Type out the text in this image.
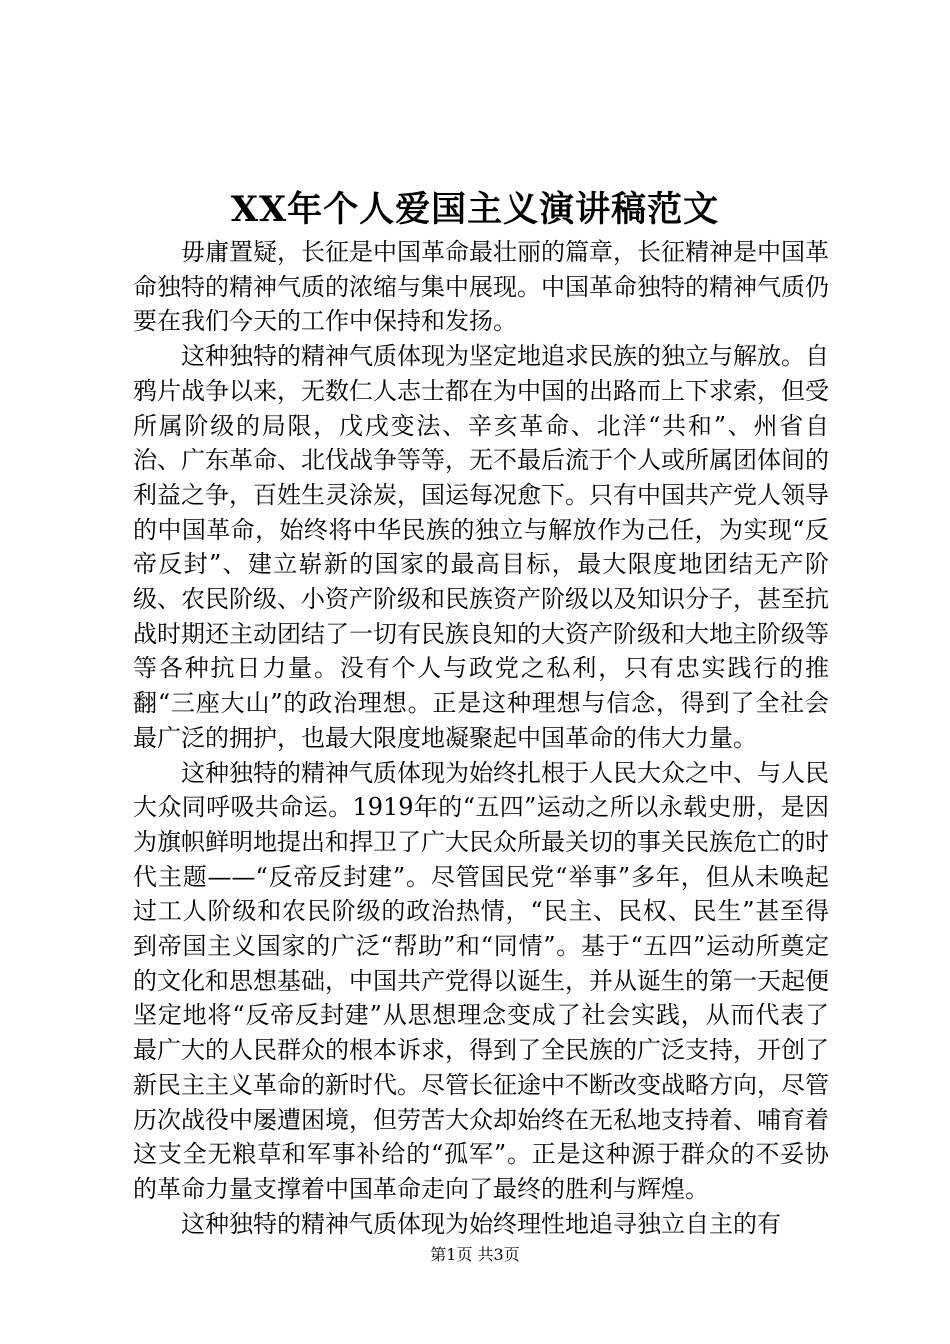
XX年个人爱国主义演讲稿范文

毋庸置疑，长征是中国革命最壮丽的篇章，长征精神是中国革命独特的精神气质的浓缩与集中展现。中国革命独特的精神气质仍要在我们今天的工作中保持和发扬。

这种独特的精神气质体现为坚定地追求民族的独立与解放。自鸦片战争以来，无数仁人志士都在为中国的出路而上下求索，但受所属阶级的局限，戊戌变法、辛亥革命、北洋“共和”、州省自治、广东革命、北伐战争等等，无不最后流于个人或所属团体间的利益之争，百姓生灵涂炭，国运每况愈下。只有中国共产党人领导的中国革命，始终将中华民族的独立与解放作为己任，为实现“反帝反封”、建立崭新的国家的最高目标，最大限度地团结无产阶级、农民阶级、小资产阶级和民族资产阶级以及知识分子，甚至抗战时期还主动团结了一切有民族良知的大资产阶级和大地主阶级等等各种抗日力量。没有个人与政党之私利，只有忠实践行的推翻“三座大山”的政治理想。正是这种理想与信念，得到了全社会最广泛的拥护，也最大限度地凝聚起中国革命的伟大力量。

这种独特的精神气质体现为始终扎根于人民大众之中、与人民大众同呼吸共命运。1919年的“五四”运动之所以永载史册，是因为旗帜鲜明地提出和捍卫了广大民众所最关切的事关民族危亡的时代主题——“反帝反封建”。尽管国民党“举事”多年，但从未唤起过工人阶级和农民阶级的政治热情，“民主、民权、民生”甚至得到帝国主义国家的广泛“帮助”和“同情”。基于“五四”运动所奠定的文化和思想基础，中国共产党得以诞生，并从诞生的第一天起便坚定地将“反帝反封建”从思想理念变成了社会实践，从而代表了最广大的人民群众的根本诉求，得到了全民族的广泛支持，开创了新民主主义革命的新时代。尽管长征途中不断改变战略方向，尽管历次战役中屡遭困境，但劳苦大众却始终在无私地支持着、哺育着这支全无粮草和军事补给的“孤军”。正是这种源于群众的不妥协的革命力量支撑着中国革命走向了最终的胜利与辉煌。

这种独特的精神气质体现为始终理性地追寻独立自主的有

第1页 共3页
